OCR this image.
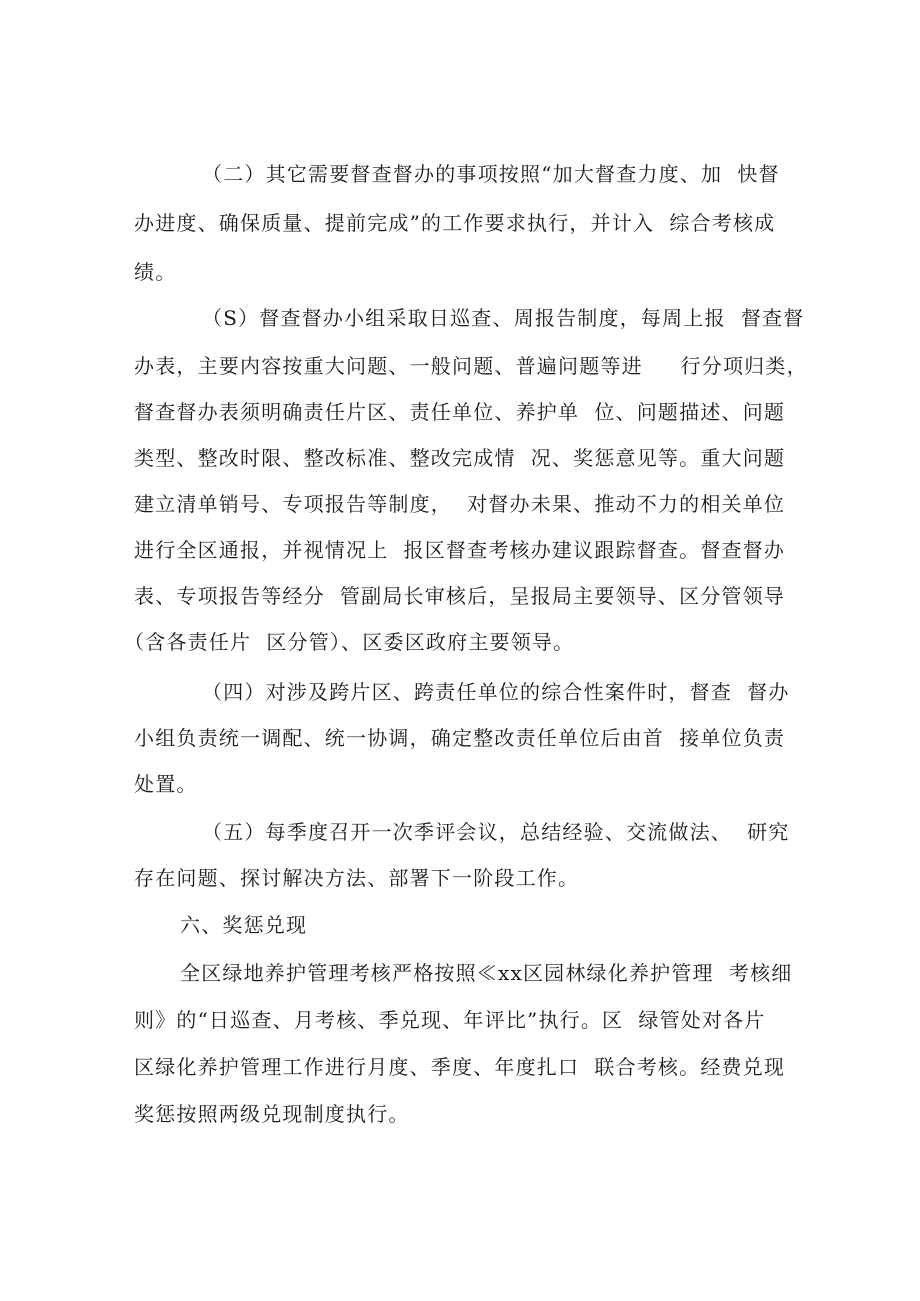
（二）其它需要督查督办的事项按照“加大督查力度、加  快督
办进度、确保质量、提前完成”的工作要求执行，并计入  综合考核成
绩。
（S）督查督办小组采取日巡查、周报告制度，每周上报  督查督
办表，主要内容按重大问题、一般问题、普遍问题等进     行分项归类，
督查督办表须明确责任片区、责任单位、养护单  位、问题描述、问题
类型、整改时限、整改标准、整改完成情  况、奖惩意见等。重大问题
建立清单销号、专项报告等制度，  对督办未果、推动不力的相关单位
进行全区通报，并视情况上  报区督查考核办建议跟踪督查。督查督办
表、专项报告等经分  管副局长审核后，呈报局主要领导、区分管领导
（含各责任片  区分管）、区委区政府主要领导。
（四）对涉及跨片区、跨责任单位的综合性案件时，督查  督办
小组负责统一调配、统一协调，确定整改责任单位后由首  接单位负责
处置。
（五）每季度召开一次季评会议，总结经验、交流做法、  研究
存在问题、探讨解决方法、部署下一阶段工作。
六、奖惩兑现
全区绿地养护管理考核严格按照≪xx区园林绿化养护管理  考核细
则》的“日巡查、月考核、季兑现、年评比”执行。区  绿管处对各片
区绿化养护管理工作进行月度、季度、年度扎口  联合考核。经费兑现
奖惩按照两级兑现制度执行。
